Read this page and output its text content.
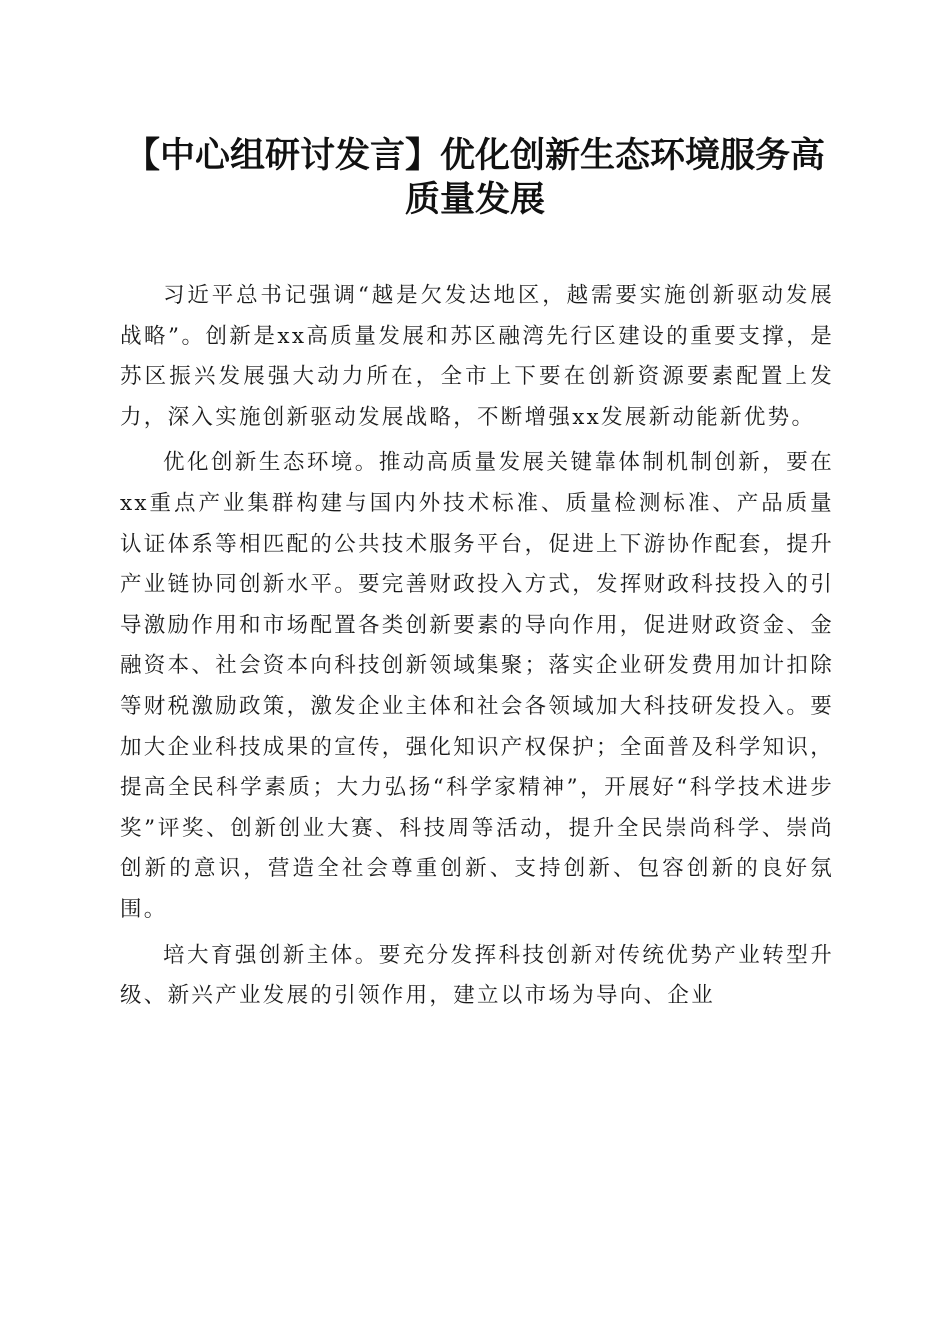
【中心组研讨发言】优化创新生态环境服务高质量发展

习近平总书记强调“越是欠发达地区，越需要实施创新驱动发展战略”。创新是xx高质量发展和苏区融湾先行区建设的重要支撑，是苏区振兴发展强大动力所在，全市上下要在创新资源要素配置上发力，深入实施创新驱动发展战略，不断增强xx发展新动能新优势。

优化创新生态环境。推动高质量发展关键靠体制机制创新，要在xx重点产业集群构建与国内外技术标准、质量检测标准、产品质量认证体系等相匹配的公共技术服务平台，促进上下游协作配套，提升产业链协同创新水平。要完善财政投入方式，发挥财政科技投入的引导激励作用和市场配置各类创新要素的导向作用，促进财政资金、金融资本、社会资本向科技创新领域集聚；落实企业研发费用加计扣除等财税激励政策，激发企业主体和社会各领域加大科技研发投入。要加大企业科技成果的宣传，强化知识产权保护；全面普及科学知识，提高全民科学素质；大力弘扬“科学家精神”，开展好“科学技术进步奖”评奖、创新创业大赛、科技周等活动，提升全民崇尚科学、崇尚创新的意识，营造全社会尊重创新、支持创新、包容创新的良好氛围。

培大育强创新主体。要充分发挥科技创新对传统优势产业转型升级、新兴产业发展的引领作用，建立以市场为导向、企业
